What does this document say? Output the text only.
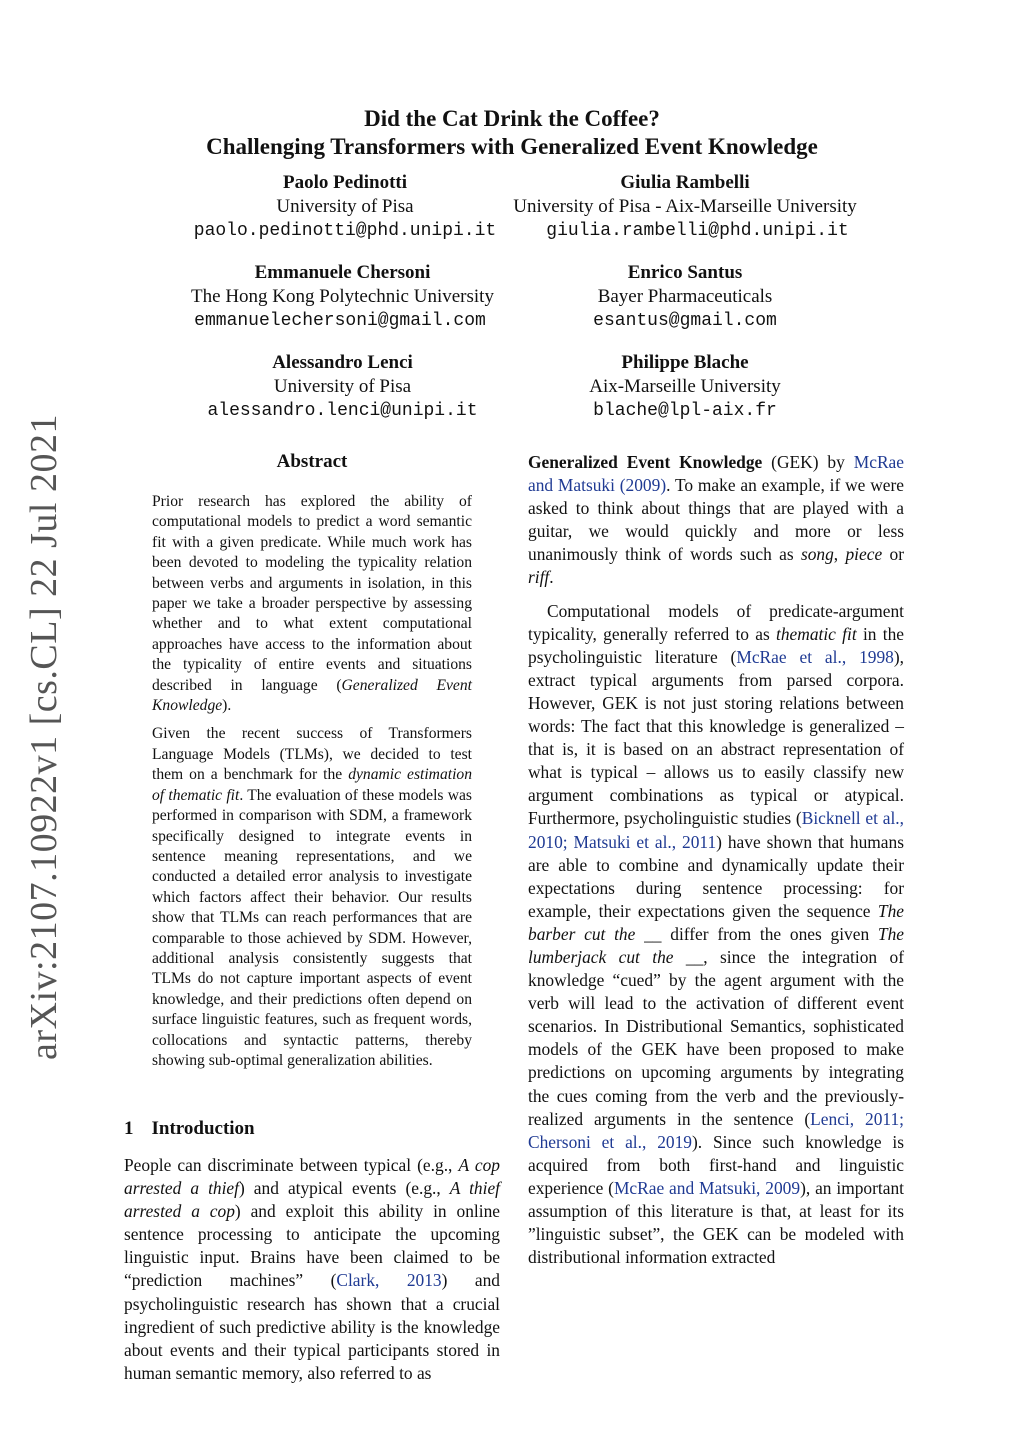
Did the Cat Drink the Coffee?
Challenging Transformers with Generalized Event Knowledge
Paolo Pedinotti
University of Pisa
paolo.pedinotti@phd.unipi.it
Giulia Rambelli
University of Pisa - Aix-Marseille University
giulia.rambelli@phd.unipi.it
Emmanuele Chersoni
The Hong Kong Polytechnic University
emmanuelechersoni@gmail.com
Enrico Santus
Bayer Pharmaceuticals
esantus@gmail.com
Alessandro Lenci
University of Pisa
alessandro.lenci@unipi.it
Philippe Blache
Aix-Marseille University
blache@lpl-aix.fr
arXiv:2107.10922v1 [cs.CL] 22 Jul 2021	Abstract

Prior research has explored the ability of computational models to predict a word semantic fit with a given predicate. While much work has been devoted to modeling the typicality relation between verbs and arguments in isolation, in this paper we take a broader perspective by assessing whether and to what extent computational approaches have access to the information about the typicality of entire events and situations described in language (Generalized Event Knowledge).

Given the recent success of Transformers Language Models (TLMs), we decided to test them on a benchmark for the dynamic estimation of thematic fit. The evaluation of these models was performed in comparison with SDM, a framework specifically designed to integrate events in sentence meaning representations, and we conducted a detailed error analysis to investigate which factors affect their behavior. Our results show that TLMs can reach performances that are comparable to those achieved by SDM. However, additional analysis consistently suggests that TLMs do not capture important aspects of event knowledge, and their predictions often depend on surface linguistic features, such as frequent words, collocations and syntactic patterns, thereby showing sub-optimal generalization abilities.

1 Introduction

People can discriminate between typical (e.g., A cop arrested a thief) and atypical events (e.g., A thief arrested a cop) and exploit this ability in online sentence processing to anticipate the upcoming linguistic input. Brains have been claimed to be “prediction machines” (Clark, 2013) and psycholinguistic research has shown that a crucial ingredient of such predictive ability is the knowledge about events and their typical participants stored in human semantic memory, also referred to as

Generalized Event Knowledge (GEK) by McRae and Matsuki (2009). To make an example, if we were asked to think about things that are played with a guitar, we would quickly and more or less unanimously think of words such as song, piece or riff.

Computational models of predicate-argument typicality, generally referred to as thematic fit in the psycholinguistic literature (McRae et al., 1998), extract typical arguments from parsed corpora. However, GEK is not just storing relations between words: The fact that this knowledge is generalized – that is, it is based on an abstract representation of what is typical – allows us to easily classify new argument combinations as typical or atypical. Furthermore, psycholinguistic studies (Bicknell et al., 2010; Matsuki et al., 2011) have shown that humans are able to combine and dynamically update their expectations during sentence processing: for example, their expectations given the sequence The barber cut the __ differ from the ones given The lumberjack cut the __, since the integration of knowledge “cued” by the agent argument with the verb will lead to the activation of different event scenarios. In Distributional Semantics, sophisticated models of the GEK have been proposed to make predictions on upcoming arguments by integrating the cues coming from the verb and the previously-realized arguments in the sentence (Lenci, 2011; Chersoni et al., 2019). Since such knowledge is acquired from both first-hand and linguistic experience (McRae and Matsuki, 2009), an important assumption of this literature is that, at least for its ”linguistic subset”, the GEK can be modeled with distributional information extracted
